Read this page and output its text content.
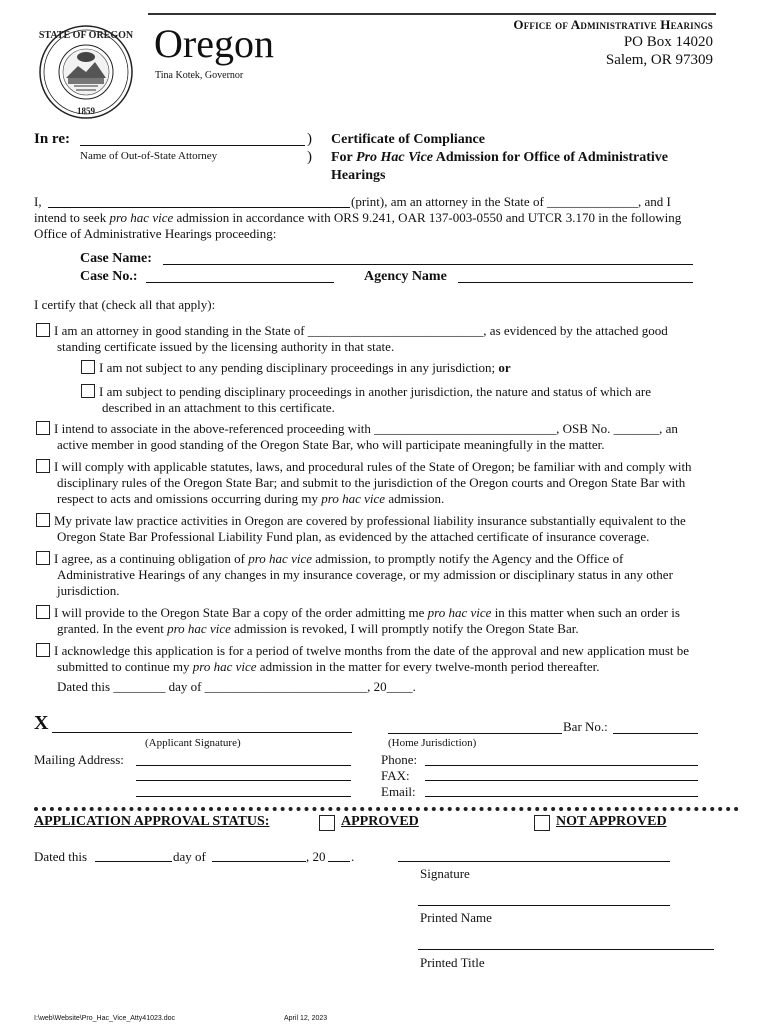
STATE OF OREGON
1859
Oregon
Tina Kotek, Governor
Office of Administrative Hearings
PO Box 14020
Salem, OR 97309
In re:	)
)
Name of Out-of-State Attorney
Certificate of Compliance
For Pro Hac Vice Admission for Office of Administrative
Hearings
I,	(print), am an attorney in the State of ______________, and I
intend to seek pro hac vice admission in accordance with ORS 9.241, OAR 137-003-0550 and UTCR 3.170 in the following
Office of Administrative Hearings proceeding:
Case Name:
Case No.:	Agency Name
I certify that (check all that apply):
I am an attorney in good standing in the State of ___________________________, as evidenced by the attached good
standing certificate issued by the licensing authority in that state.
I am not subject to any pending disciplinary proceedings in any jurisdiction; or
I am subject to pending disciplinary proceedings in another jurisdiction, the nature and status of which are
described in an attachment to this certificate.
I intend to associate in the above-referenced proceeding with ____________________________, OSB No. _______, an
active member in good standing of the Oregon State Bar, who will participate meaningfully in the matter.
I will comply with applicable statutes, laws, and procedural rules of the State of Oregon; be familiar with and comply with
disciplinary rules of the Oregon State Bar; and submit to the jurisdiction of the Oregon courts and Oregon State Bar with
respect to acts and omissions occurring during my pro hac vice admission.
My private law practice activities in Oregon are covered by professional liability insurance substantially equivalent to the
Oregon State Bar Professional Liability Fund plan, as evidenced by the attached certificate of insurance coverage.
I agree, as a continuing obligation of pro hac vice admission, to promptly notify the Agency and the Office of
Administrative Hearings of any changes in my insurance coverage, or my admission or disciplinary status in any other
jurisdiction.
I will provide to the Oregon State Bar a copy of the order admitting me pro hac vice in this matter when such an order is
granted. In the event pro hac vice admission is revoked, I will promptly notify the Oregon State Bar.
I acknowledge this application is for a period of twelve months from the date of the approval and new application must be
submitted to continue my pro hac vice admission in the matter for every twelve-month period thereafter.
Dated this ________ day of _________________________, 20____.
X
(Applicant Signature)
Mailing Address:
Bar No.:
(Home Jurisdiction)
Phone:
FAX:
Email:
APPLICATION APPROVAL STATUS:	APPROVED	NOT APPROVED
Dated this	day of	, 20 .
Signature
Printed Name
Printed Title
I:\web\Website\Pro_Hac_Vice_Atty41023.doc	April 12, 2023
